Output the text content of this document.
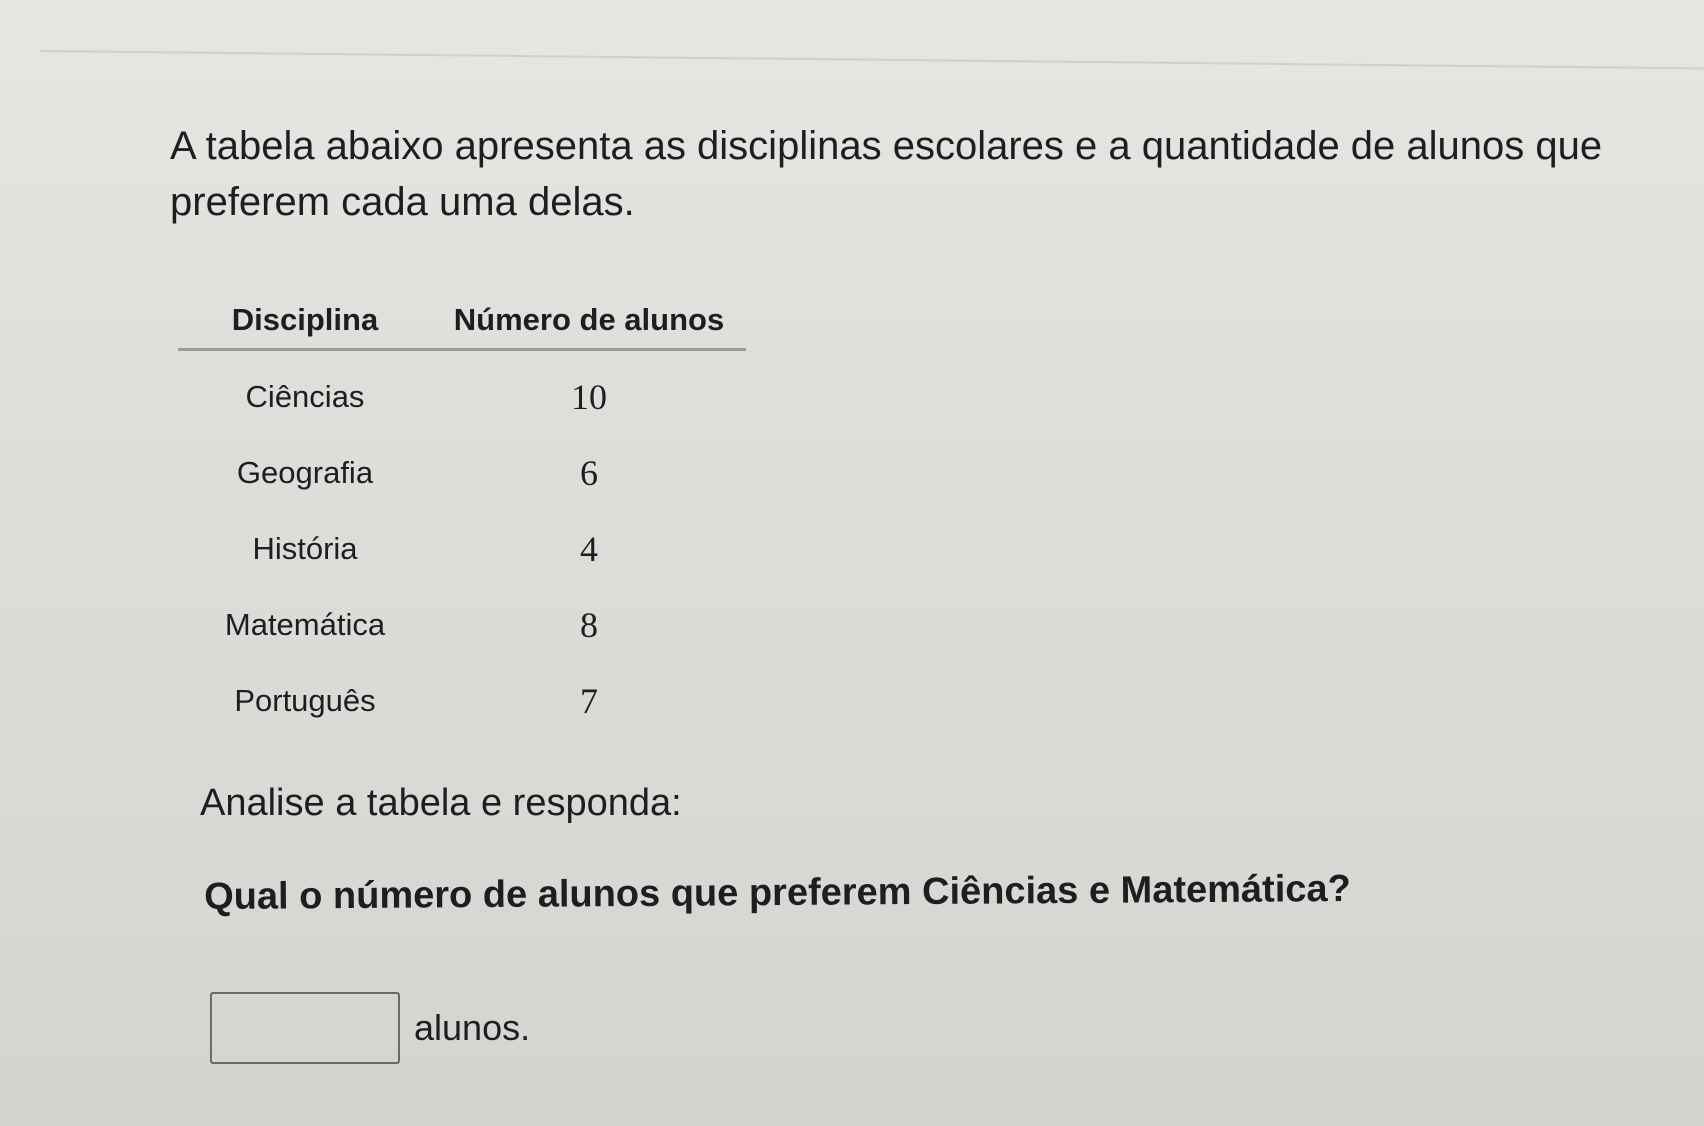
A tabela abaixo apresenta as disciplinas escolares e a quantidade de alunos que preferem cada uma delas.

Disciplina	Número de alunos
Ciências	10
Geografia	6
História	4
Matemática	8
Português	7

Analise a tabela e responda:

Qual o número de alunos que preferem Ciências e Matemática?

alunos.
